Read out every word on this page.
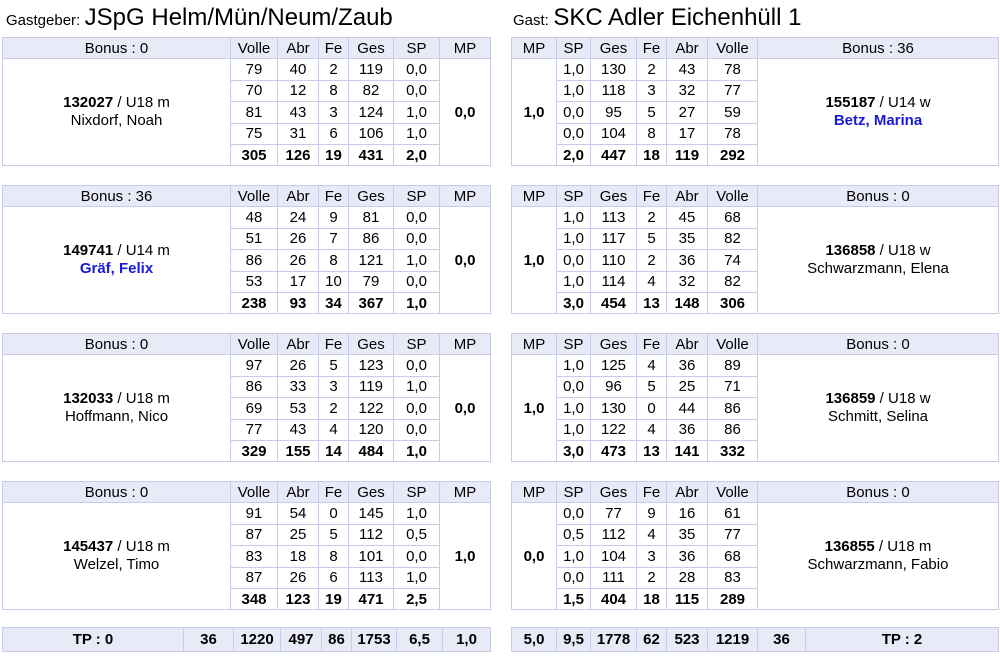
Gastgeber: JSpG Helm/Mün/Neum/Zaub	Gast: SKC Adler Eichenhüll 1
Bonus : 0	Volle	Abr	Fe	Ges	SP	MP
132027 / U18 m
Nixdorf, Noah	79	40	2	119	0,0	0,0
	70	12	8	82	0,0	
	81	43	3	124	1,0	
	75	31	6	106	1,0	
	305	126	19	431	2,0	
MP	SP	Ges	Fe	Abr	Volle	Bonus : 36
1,0	1,0	130	2	43	78	155187 / U14 w
Betz, Marina
	1,0	118	3	32	77	
	0,0	95	5	27	59	
	0,0	104	8	17	78	
	2,0	447	18	119	292	
Bonus : 36	Volle	Abr	Fe	Ges	SP	MP
149741 / U14 m
Gräf, Felix	48	24	9	81	0,0	0,0
	51	26	7	86	0,0	
	86	26	8	121	1,0	
	53	17	10	79	0,0	
	238	93	34	367	1,0	
MP	SP	Ges	Fe	Abr	Volle	Bonus : 0
1,0	1,0	113	2	45	68	136858 / U18 w
Schwarzmann, Elena
	1,0	117	5	35	82	
	0,0	110	2	36	74	
	1,0	114	4	32	82	
	3,0	454	13	148	306	
Bonus : 0	Volle	Abr	Fe	Ges	SP	MP
132033 / U18 m
Hoffmann, Nico	97	26	5	123	0,0	0,0
	86	33	3	119	1,0	
	69	53	2	122	0,0	
	77	43	4	120	0,0	
	329	155	14	484	1,0	
MP	SP	Ges	Fe	Abr	Volle	Bonus : 0
1,0	1,0	125	4	36	89	136859 / U18 w
Schmitt, Selina
	0,0	96	5	25	71	
	1,0	130	0	44	86	
	1,0	122	4	36	86	
	3,0	473	13	141	332	
Bonus : 0	Volle	Abr	Fe	Ges	SP	MP
145437 / U18 m
Welzel, Timo	91	54	0	145	1,0	1,0
	87	25	5	112	0,5	
	83	18	8	101	0,0	
	87	26	6	113	1,0	
	348	123	19	471	2,5	
MP	SP	Ges	Fe	Abr	Volle	Bonus : 0
0,0	0,0	77	9	16	61	136855 / U18 m
Schwarzmann, Fabio
	0,5	112	4	35	77	
	1,0	104	3	36	68	
	0,0	111	2	28	83	
	1,5	404	18	115	289	
TP : 0	36	1220	497	86	1753	6,5	1,0	5,0	9,5	1778	62	523	1219	36	TP : 2
